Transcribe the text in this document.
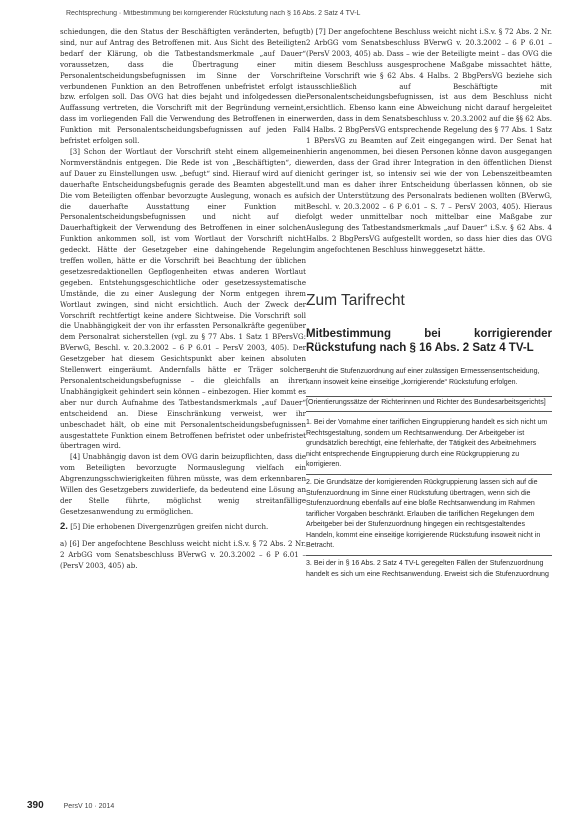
Rechtsprechung · Mitbestimmung bei korrigierender Rückstufung nach § 16 Abs. 2 Satz 4 TV-L

schiedungen, die den Status der Beschäftigten veränderten, befugt sind, nur auf Antrag des Betroffenen mit. Aus Sicht des Beteiligten bedarf der Klärung, ob die Tatbestandsmerkmale „auf Dauer“ voraussetzen, dass die Übertragung einer mit Personalentscheidungsbefugnissen im Sinne der Vorschrift verbundenen Funktion an den Betroffenen unbefristet erfolgt ist bzw. erfolgen soll. Das OVG hat dies bejaht und infolgedessen die Auffassung vertreten, die Vorschrift mit der Begründung verneint, dass im vorliegenden Fall die Verwendung des Betroffenen in einer Funktion mit Personalentscheidungsbefugnissen auf jeden Fall befristet erfolgen soll.

[3] Schon der Wortlaut der Vorschrift steht einem allgemeinen Normverständnis entgegen. Die Rede ist von „Beschäftigten“, die auf Dauer zu Einstellungen usw. „befugt“ sind. Hierauf wird auf die dauerhafte Entscheidungsbefugnis gerade des Beamten abgestellt. Die vom Beteiligten offenbar bevorzugte Auslegung, wonach es auf die dauerhafte Ausstattung einer Funktion mit Personalentscheidungsbefugnissen und nicht auf die Dauerhaftigkeit der Verwendung des Betroffenen in einer solchen Funktion ankommen soll, ist vom Wortlaut der Vorschrift nicht gedeckt. Hätte der Gesetzgeber eine dahingehende Regelung treffen wollen, hätte er die Vorschrift bei Beachtung der üblichen gesetzesredaktionellen Gepflogenheiten etwas anderen Wortlaut gegeben. Entstehungsgeschichtliche oder gesetzessystematische Umstände, die zu einer Auslegung der Norm entgegen ihrem Wortlaut zwingen, sind nicht ersichtlich. Auch der Zweck der Vorschrift rechtfertigt keine andere Sichtweise. Die Vorschrift soll die Unabhängigkeit der von ihr erfassten Personalkräfte gegenüber dem Personalrat sicherstellen (vgl. zu § 77 Abs. 1 Satz 1 BPersVG: BVerwG, Beschl. v. 20.3.2002 – 6 P 6.01 – PersV 2003, 405). Der Gesetzgeber hat diesem Gesichtspunkt aber keinen absoluten Stellenwert eingeräumt. Andernfalls hätte er Träger solcher Personalentscheidungsbefugnisse – die gleichfalls an ihrer Unabhängigkeit gehindert sein können – einbezogen. Hier kommt es aber nur durch Aufnahme des Tatbestandsmerkmals „auf Dauer“ entscheidend an. Diese Einschränkung verweist, wer ihr unbeschadet hält, ob eine mit Personalentscheidungsbefugnissen ausgestattete Funktion einem Betroffenen befristet oder unbefristet übertragen wird.

[4] Unabhängig davon ist dem OVG darin beizupflichten, dass die vom Beteiligten bevorzugte Normauslegung vielfach ein Abgrenzungsschwierigkeiten führen müsste, was dem erkennbaren Willen des Gesetzgebers zuwiderliefe, da bedeutend eine Lösung an der Stelle führte, möglichst wenig streitanfällige Gesetzesanwendung zu ermöglichen.

2. [5] Die erhobenen Divergenzrügen greifen nicht durch.

a) [6] Der angefochtene Beschluss weicht nicht i.S.v. § 72 Abs. 2 Nr. 2 ArbGG vom Senatsbeschluss BVerwG v. 20.3.2002 – 6 P 6.01 – (PersV 2003, 405) ab.

b) [7] Der angefochtene Beschluss weicht nicht i.S.v. § 72 Abs. 2 Nr. 2 ArbGG vom Senatsbeschluss BVerwG v. 20.3.2002 – 6 P 6.01 – (PersV 2003, 405) ab. Dass – wie der Beteiligte meint – das OVG die in diesem Beschluss ausgesprochene Maßgabe missachtet hätte, eine Vorschrift wie § 62 Abs. 4 Halbs. 2 BbgPersVG beziehe sich ausschließlich auf Beschäftigte mit Personalentscheidungsbefugnissen, ist aus dem Beschluss nicht ersichtlich. Ebenso kann eine Abweichung nicht darauf hergeleitet werden, dass in dem Senatsbeschluss v. 20.3.2002 auf die §§ 62 Abs. 4 Halbs. 2 BbgPersVG entsprechende Regelung des § 77 Abs. 1 Satz 1 BPersVG zu Beamten auf Zeit eingegangen wird. Der Senat hat hierin angenommen, bei diesen Personen könne davon ausgegangen werden, dass der Grad ihrer Integration in den öffentlichen Dienst nicht geringer ist, so intensiv sei wie der von Lebenszeitbeamten und man es daher ihrer Entscheidung überlassen können, ob sie sich der Unterstützung des Personalrats bedienen wollten (BVerwG, Beschl. v. 20.3.2002 – 6 P 6.01 – S. 7 – PersV 2003, 405). Hieraus folgt weder unmittelbar noch mittelbar eine Maßgabe zur Auslegung des Tatbestandsmerkmals „auf Dauer“ i.S.v. § 62 Abs. 4 Halbs. 2 BbgPersVG aufgestellt worden, so dass hier dies das OVG im angefochtenen Beschluss hinweggesetzt hätte.

Zum Tarifrecht
Mitbestimmung bei korrigierender Rückstufung nach § 16 Abs. 2 Satz 4 TV-L
Beruht die Stufenzuordnung auf einer zulässigen Ermessensentscheidung, kann insoweit keine einseitige „korrigierende“ Rückstufung erfolgen.
[Orientierungssätze der Richterinnen und Richter des Bundesarbeitsgerichts]
1. Bei der Vornahme einer tariflichen Eingruppierung handelt es sich nicht um Rechtsgestaltung, sondern um Rechtsanwendung. Der Arbeitgeber ist grundsätzlich berechtigt, eine fehlerhafte, der Tätigkeit des Arbeitnehmers nicht entsprechende Eingruppierung durch eine Rückgruppierung zu korrigieren.
2. Die Grundsätze der korrigierenden Rückgruppierung lassen sich auf die Stufenzuordnung im Sinne einer Rückstufung übertragen, wenn sich die Stufenzuordnung ebenfalls auf eine bloße Rechtsanwendung im Rahmen tariflicher Vorgaben beschränkt. Erlauben die tariflichen Regelungen dem Arbeitgeber bei der Stufenzuordnung hingegen ein rechtsgestaltendes Handeln, kommt eine einseitige korrigierende Rückstufung insoweit nicht in Betracht.
3. Bei der in § 16 Abs. 2 Satz 4 TV-L geregelten Fällen der Stufenzuordnung handelt es sich um eine Rechtsanwendung. Erweist sich die Stufenzuordnung
390	PersV 10 · 2014
